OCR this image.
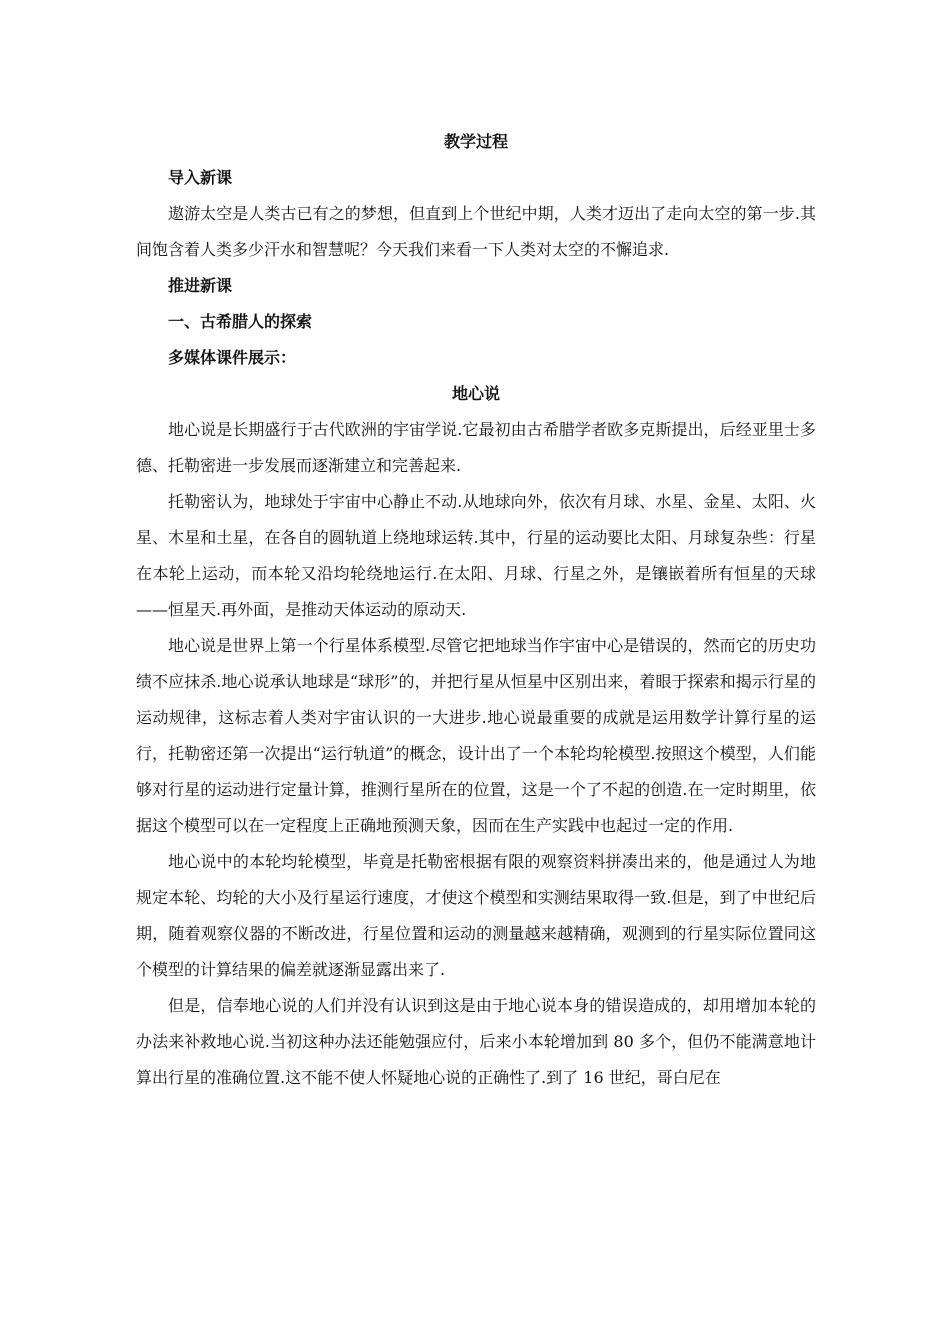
教学过程

导入新课

遨游太空是人类古已有之的梦想，但直到上个世纪中期，人类才迈出了走向太空的第一步.其间饱含着人类多少汗水和智慧呢？今天我们来看一下人类对太空的不懈追求.

推进新课

一、古希腊人的探索

多媒体课件展示：

地心说

地心说是长期盛行于古代欧洲的宇宙学说.它最初由古希腊学者欧多克斯提出，后经亚里士多德、托勒密进一步发展而逐渐建立和完善起来.

托勒密认为，地球处于宇宙中心静止不动.从地球向外，依次有月球、水星、金星、太阳、火星、木星和土星，在各自的圆轨道上绕地球运转.其中，行星的运动要比太阳、月球复杂些：行星在本轮上运动，而本轮又沿均轮绕地运行.在太阳、月球、行星之外，是镶嵌着所有恒星的天球——恒星天.再外面，是推动天体运动的原动天.

地心说是世界上第一个行星体系模型.尽管它把地球当作宇宙中心是错误的，然而它的历史功绩不应抹杀.地心说承认地球是“球形”的，并把行星从恒星中区别出来，着眼于探索和揭示行星的运动规律，这标志着人类对宇宙认识的一大进步.地心说最重要的成就是运用数学计算行星的运行，托勒密还第一次提出“运行轨道”的概念，设计出了一个本轮均轮模型.按照这个模型，人们能够对行星的运动进行定量计算，推测行星所在的位置，这是一个了不起的创造.在一定时期里，依据这个模型可以在一定程度上正确地预测天象，因而在生产实践中也起过一定的作用.

地心说中的本轮均轮模型，毕竟是托勒密根据有限的观察资料拼凑出来的，他是通过人为地规定本轮、均轮的大小及行星运行速度，才使这个模型和实测结果取得一致.但是，到了中世纪后期，随着观察仪器的不断改进，行星位置和运动的测量越来越精确，观测到的行星实际位置同这个模型的计算结果的偏差就逐渐显露出来了.

但是，信奉地心说的人们并没有认识到这是由于地心说本身的错误造成的，却用增加本轮的办法来补救地心说.当初这种办法还能勉强应付，后来小本轮增加到 80 多个，但仍不能满意地计算出行星的准确位置.这不能不使人怀疑地心说的正确性了.到了 16 世纪，哥白尼在
